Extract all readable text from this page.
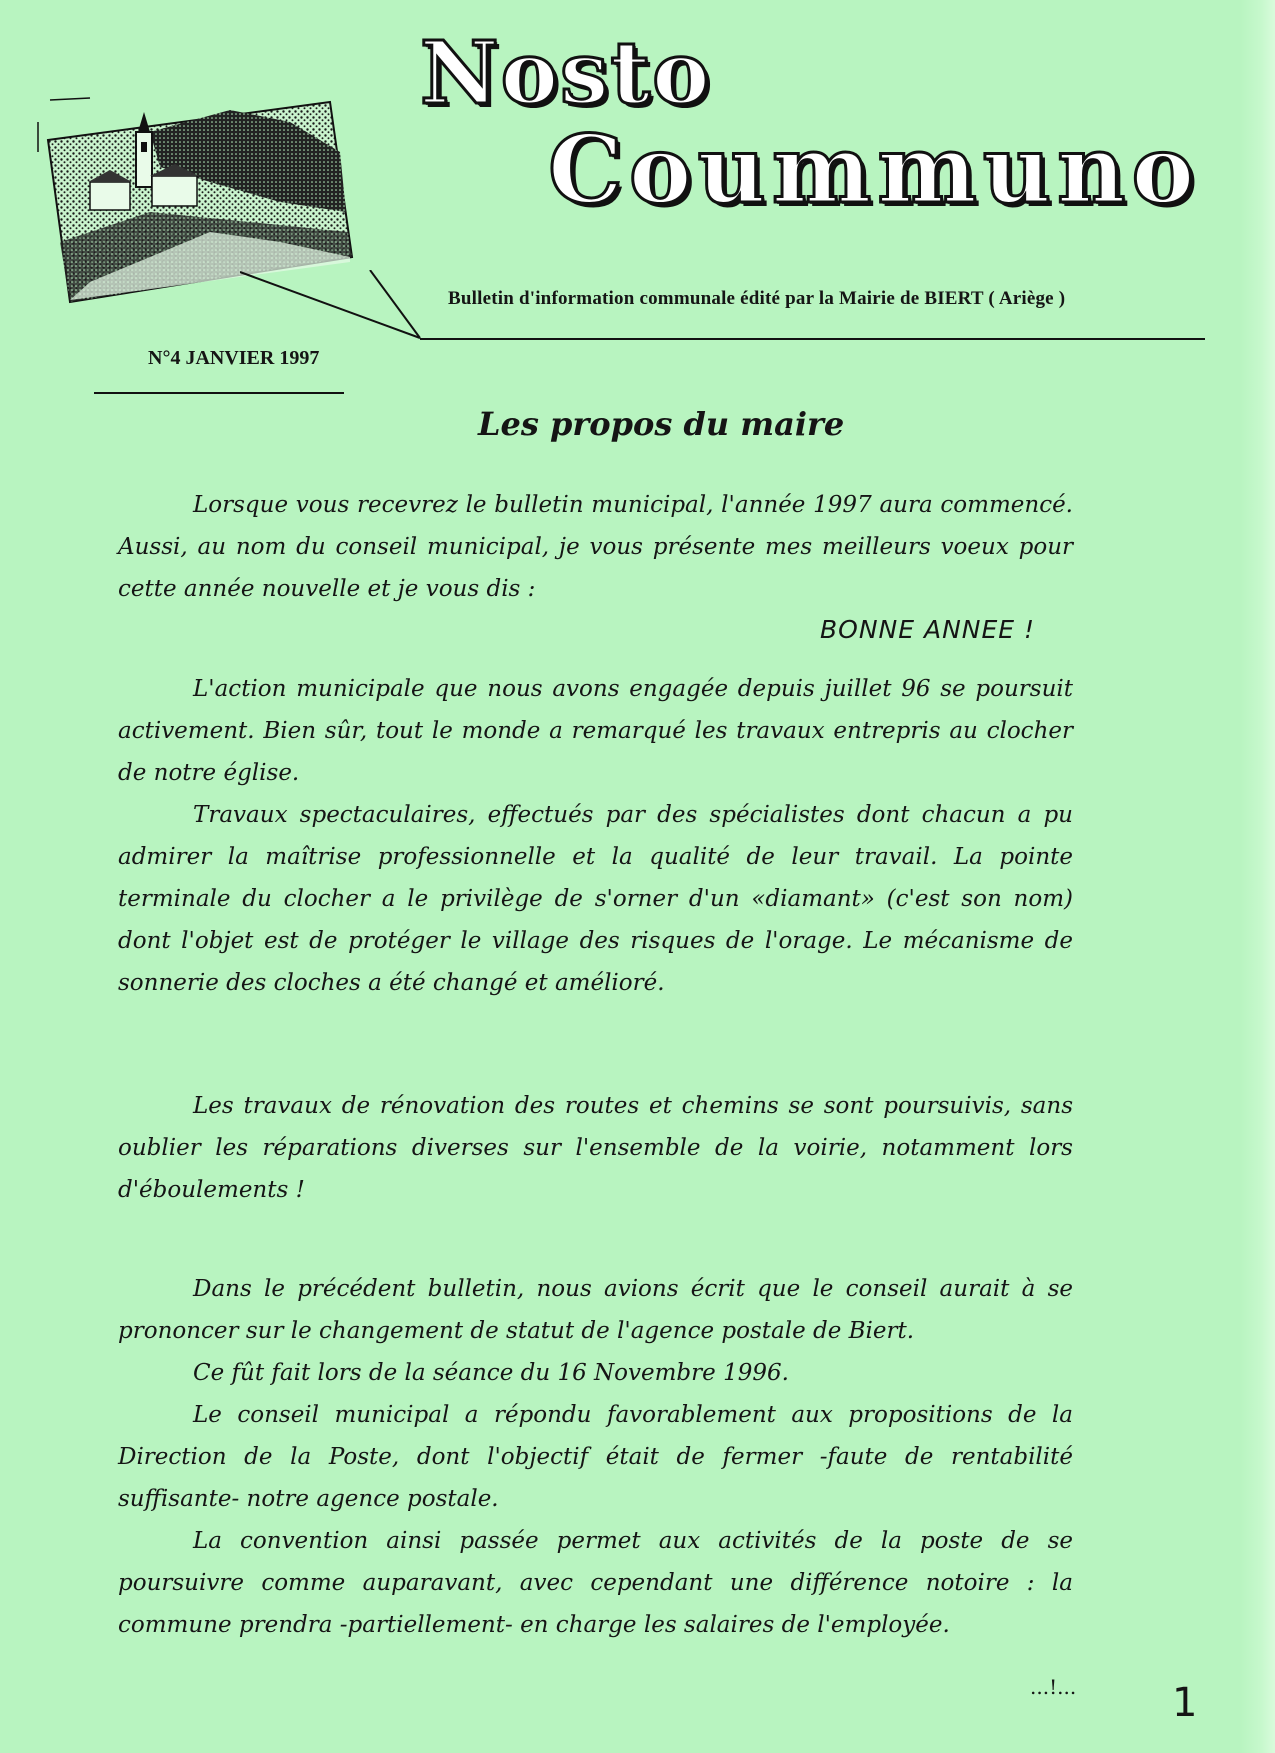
Nosto
Coummuno
Bulletin d'information communale édité par la Mairie de BIERT ( Ariège )
N°4 JANVIER 1997
Les propos du maire

Lorsque vous recevrez le bulletin municipal, l'année 1997 aura commencé. Aussi, au nom du conseil municipal, je vous présente mes meilleurs voeux pour cette année nouvelle et je vous dis :

BONNE ANNEE !

L'action municipale que nous avons engagée depuis juillet 96 se poursuit activement. Bien sûr, tout le monde a remarqué les travaux entrepris au clocher de notre église.

Travaux spectaculaires, effectués par des spécialistes dont chacun a pu admirer la maîtrise professionnelle et la qualité de leur travail. La pointe terminale du clocher a le privilège de s'orner d'un «diamant» (c'est son nom) dont l'objet est de protéger le village des risques de l'orage. Le mécanisme de sonnerie des cloches a été changé et amélioré.

Les travaux de rénovation des routes et chemins se sont poursuivis, sans oublier les réparations diverses sur l'ensemble de la voirie, notamment lors d'éboulements !

Dans le précédent bulletin, nous avions écrit que le conseil aurait à se prononcer sur le changement de statut de l'agence postale de Biert.

Ce fût fait lors de la séance du 16 Novembre 1996.

Le conseil municipal a répondu favorablement aux propositions de la Direction de la Poste, dont l'objectif était de fermer -faute de rentabilité suffisante- notre agence postale.

La convention ainsi passée permet aux activités de la poste de se poursuivre comme auparavant, avec cependant une différence notoire : la commune prendra -partiellement- en charge les salaires de l'employée.

...!... 1
